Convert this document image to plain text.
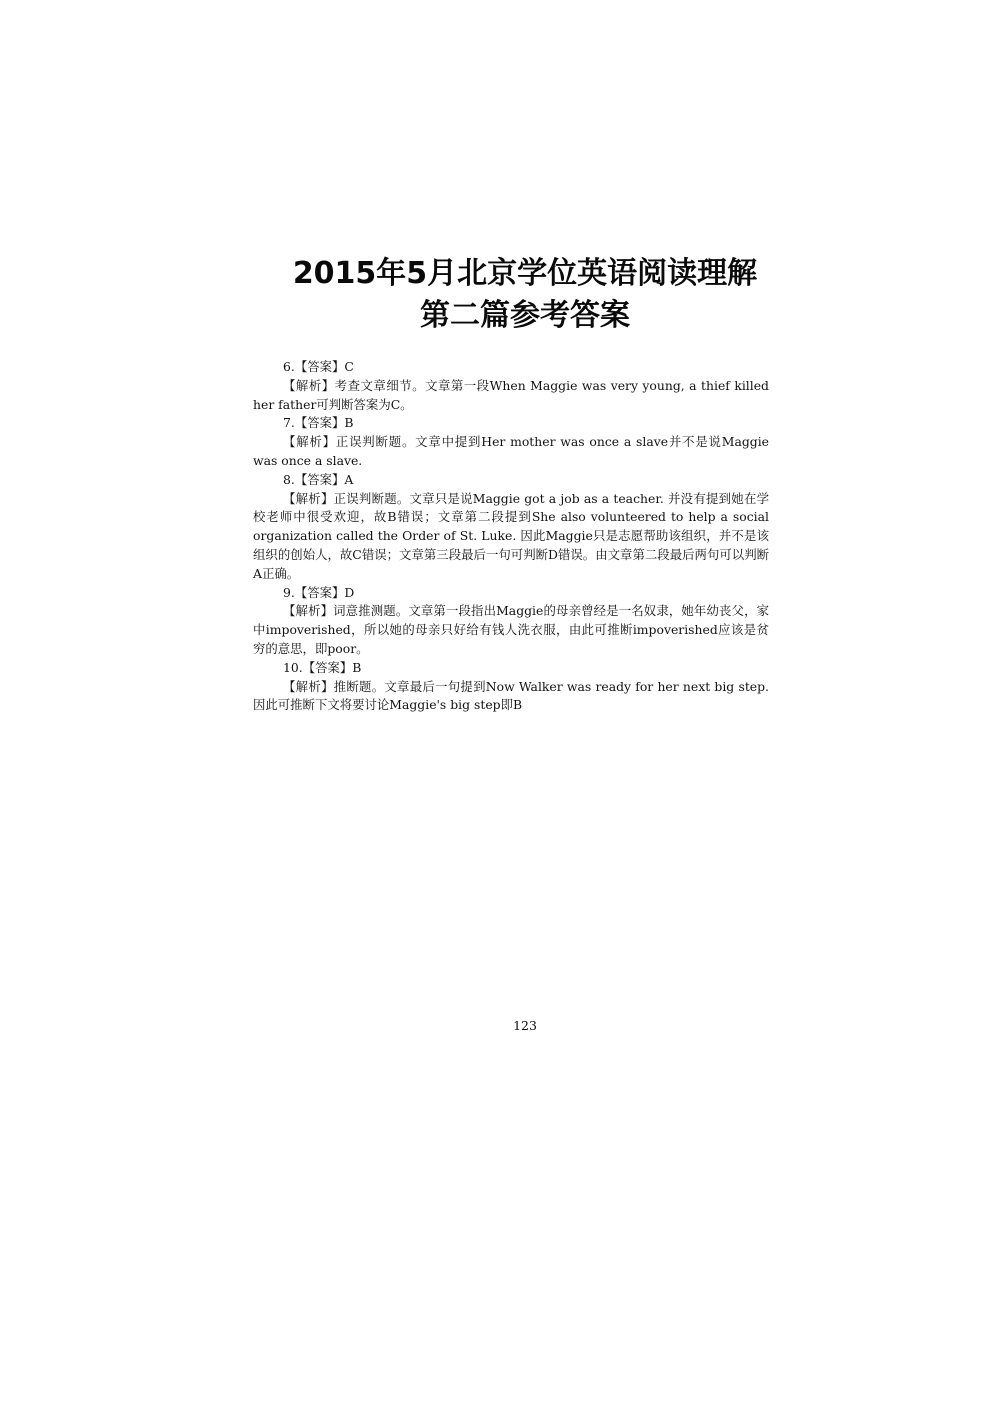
2015年5月北京学位英语阅读理解
第二篇参考答案

6.【答案】C

【解析】考查文章细节。文章第一段When Maggie was very young, a thief killed her father可判断答案为C。

7.【答案】B

【解析】正误判断题。文章中提到Her mother was once a slave并不是说Maggie was once a slave.

8.【答案】A

【解析】正误判断题。文章只是说Maggie got a job as a teacher. 并没有提到她在学校老师中很受欢迎，故B错误；文章第二段提到She also volunteered to help a social organization called the Order of St. Luke. 因此Maggie只是志愿帮助该组织，并不是该组织的创始人，故C错误；文章第三段最后一句可判断D错误。由文章第二段最后两句可以判断A正确。

9.【答案】D

【解析】词意推测题。文章第一段指出Maggie的母亲曾经是一名奴隶，她年幼丧父，家中impoverished，所以她的母亲只好给有钱人洗衣服，由此可推断impoverished应该是贫穷的意思，即poor。

10.【答案】B

【解析】推断题。文章最后一句提到Now Walker was ready for her next big step. 因此可推断下文将要讨论Maggie's big step即B

123
